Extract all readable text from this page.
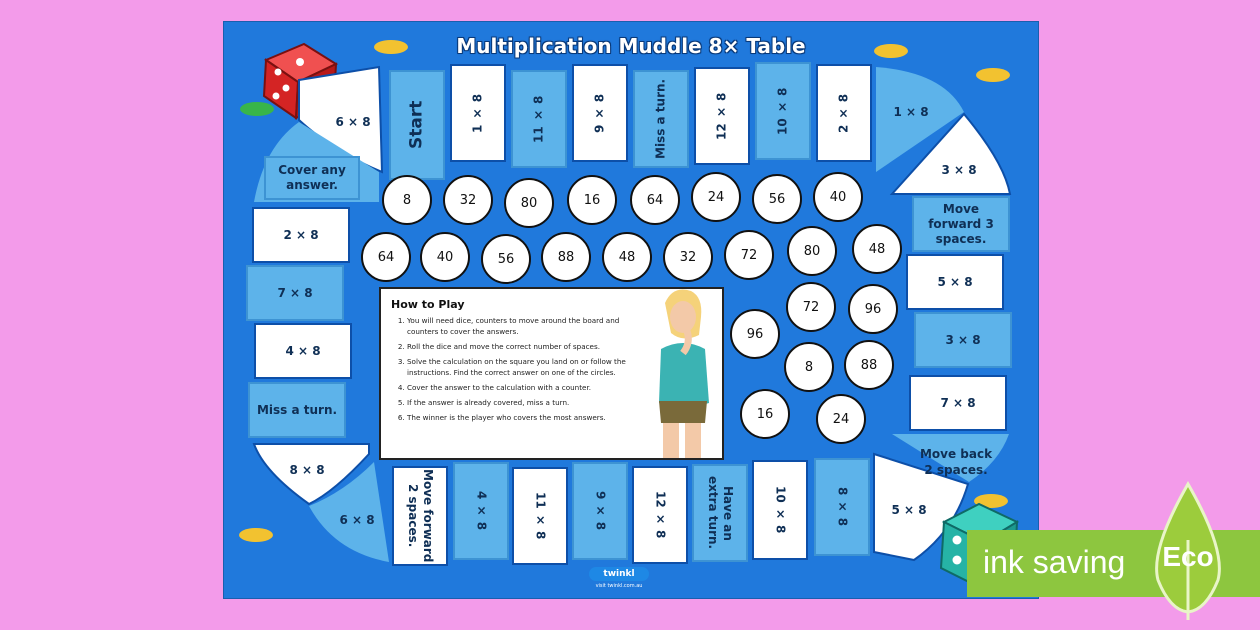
Multiplication Muddle 8× Table
6 × 8
1 × 8
3 × 8
8 × 8
6 × 8
Move back 2 spaces.
5 × 8
Start	1 × 8	11 × 8	9 × 8	Miss a turn.	12 × 8	10 × 8	2 × 8
Cover any answer.
2 × 8
7 × 8
4 × 8
Miss a turn.
Move forward 3 spaces.
5 × 8
3 × 8
7 × 8
Move forward 2 spaces.	4 × 8	11 × 8	9 × 8	12 × 8	Have an extra turn.	10 × 8	8 × 8
8	32	80	16	64	24	56	40
64	40	56	88	48	32	72	80	48
72	96
96
8	88
16	24
How to Play
1. You will need dice, counters to move around the board and counters to cover the answers.
2. Roll the dice and move the correct number of spaces.
3. Solve the calculation on the square you land on or follow the instructions. Find the correct answer on one of the circles.
4. Cover the answer to the calculation with a counter.
5. If the answer is already covered, miss a turn.
6. The winner is the player who covers the most answers.
twinkl
visit twinkl.com.au
ink saving Eco
